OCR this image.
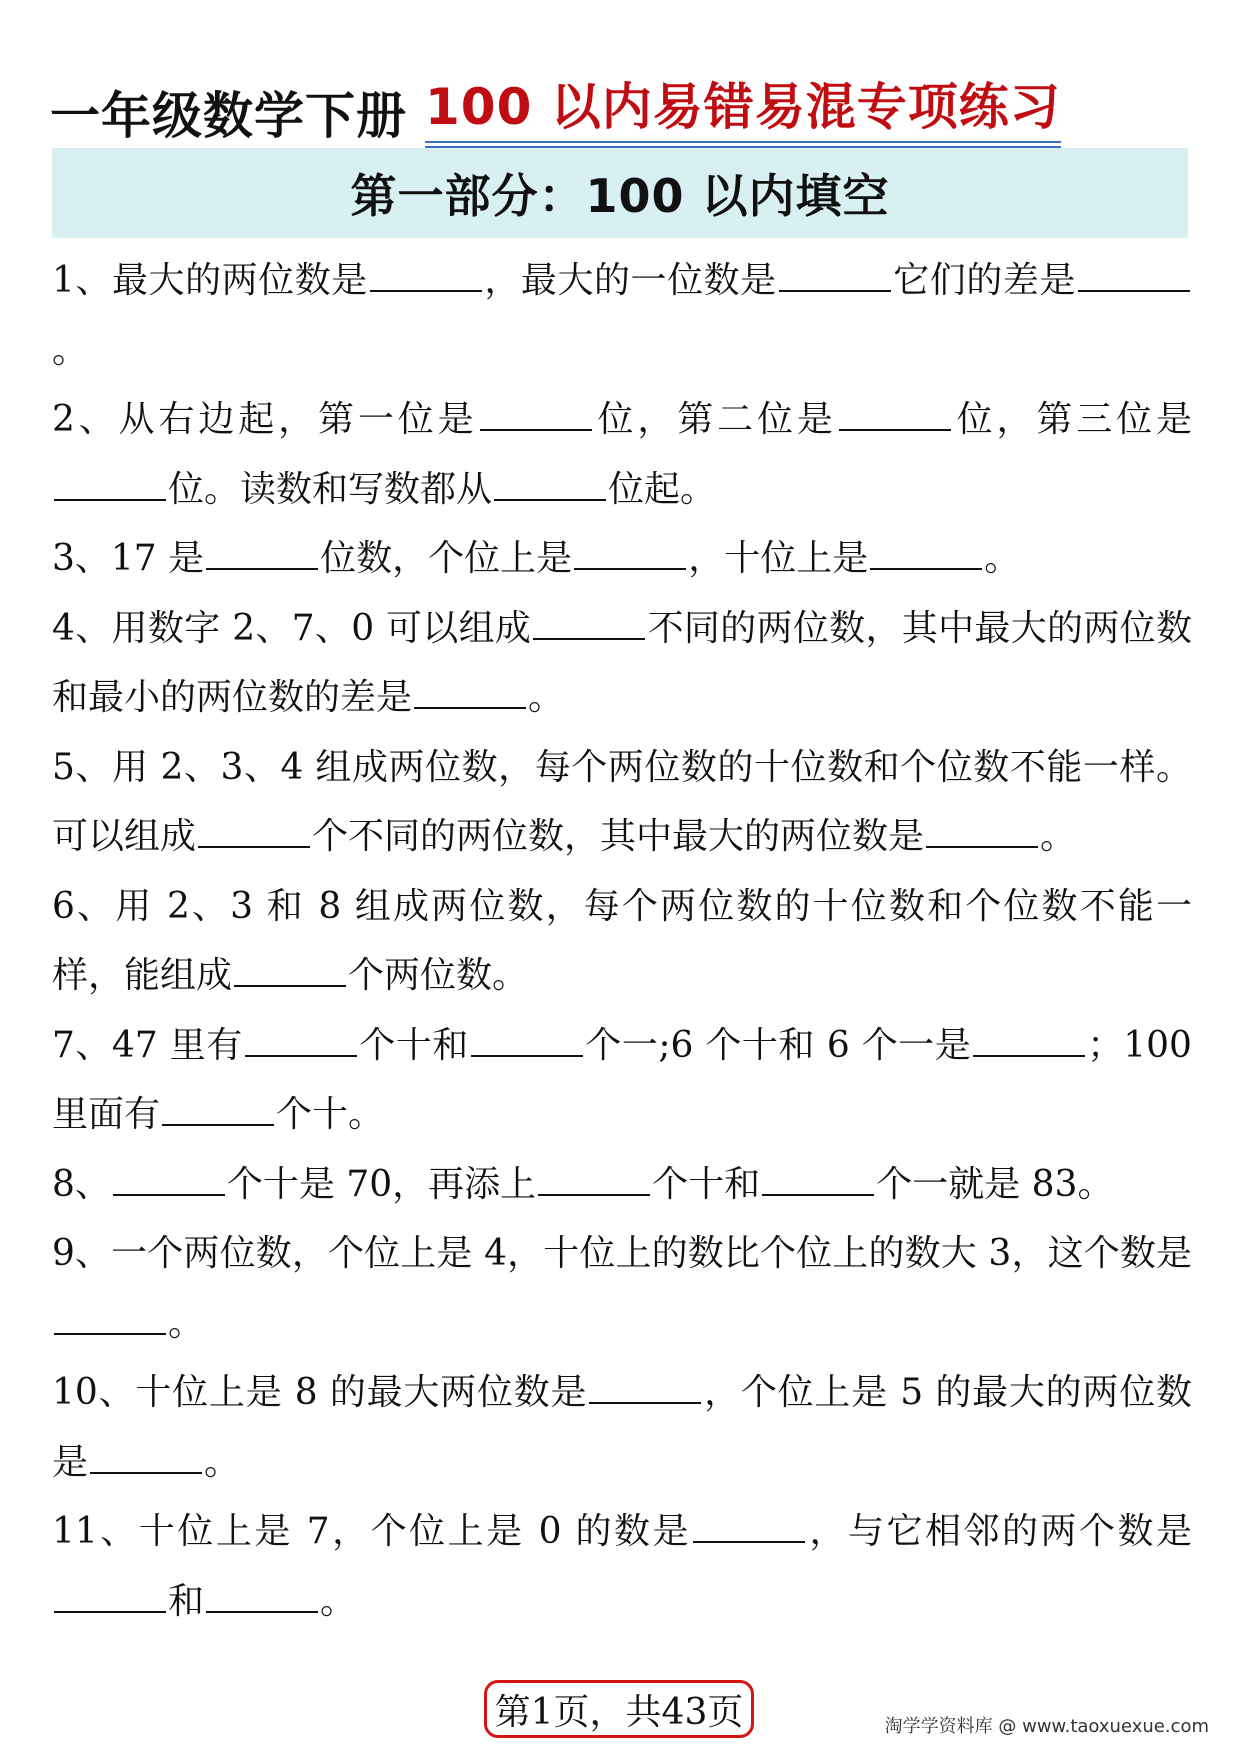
一年级数学下册 100 以内易错易混专项练习
第一部分：100 以内填空
1、最大的两位数是	，最大的一位数是	它们的差是。
2、从右边起，第一位是	位，第二位是	位，第三位是位。读数和写数都从	位起。
3、17 是	位数，个位上是	，十位上是	。
4、用数字 2、7、0 可以组成	不同的两位数，其中最大的两位数和最小的两位数的差是	。
5、用 2、3、4 组成两位数，每个两位数的十位数和个位数不能一样。可以组成	个不同的两位数，其中最大的两位数是	。
6、用 2、3 和 8 组成两位数，每个两位数的十位数和个位数不能一样，能组成	个两位数。
7、47 里有	个十和	个一;6 个十和 6 个一是	；100 里面有	个十。
8、	个十是 70，再添上	个十和	个一就是 83。
9、一个两位数，个位上是 4，十位上的数比个位上的数大 3，这个数是。
10、十位上是 8 的最大两位数是	，个位上是 5 的最大的两位数是	。
11、十位上是 7，个位上是 0 的数是	，与它相邻的两个数是和	。
第1页，共43页	淘学学资料库 @ www.taoxuexue.com
